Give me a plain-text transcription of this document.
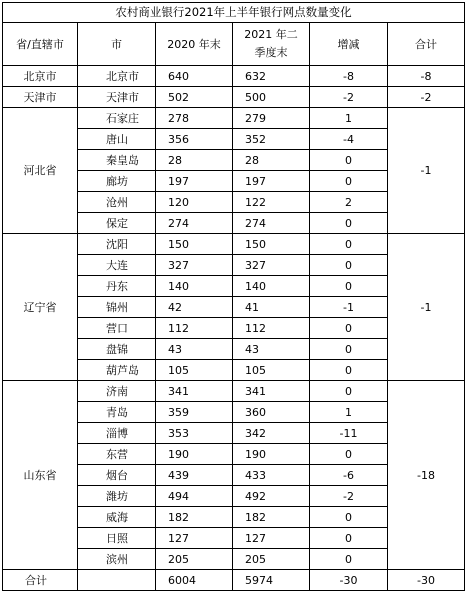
农村商业银行2021年上半年银行网点数量变化					
省/直辖市	市	2020 年末	2021 年二季度末	增减	合计
北京市	北京市	640	632	-8	-8
天津市	天津市	502	500	-2	-2
河北省	石家庄	278	279	1	-1
	唐山	356	352	-4	
	秦皇岛	28	28	0	
	廊坊	197	197	0	
	沧州	120	122	2	
	保定	274	274	0	
辽宁省	沈阳	150	150	0	-1
	大连	327	327	0	
	丹东	140	140	0	
	锦州	42	41	-1	
	营口	112	112	0	
	盘锦	43	43	0	
	葫芦岛	105	105	0	
山东省	济南	341	341	0	-18
	青岛	359	360	1	
	淄博	353	342	-11	
	东营	190	190	0	
	烟台	439	433	-6	
	潍坊	494	492	-2	
	威海	182	182	0	
	日照	127	127	0	
	滨州	205	205	0	
合计		6004	5974	-30	-30
